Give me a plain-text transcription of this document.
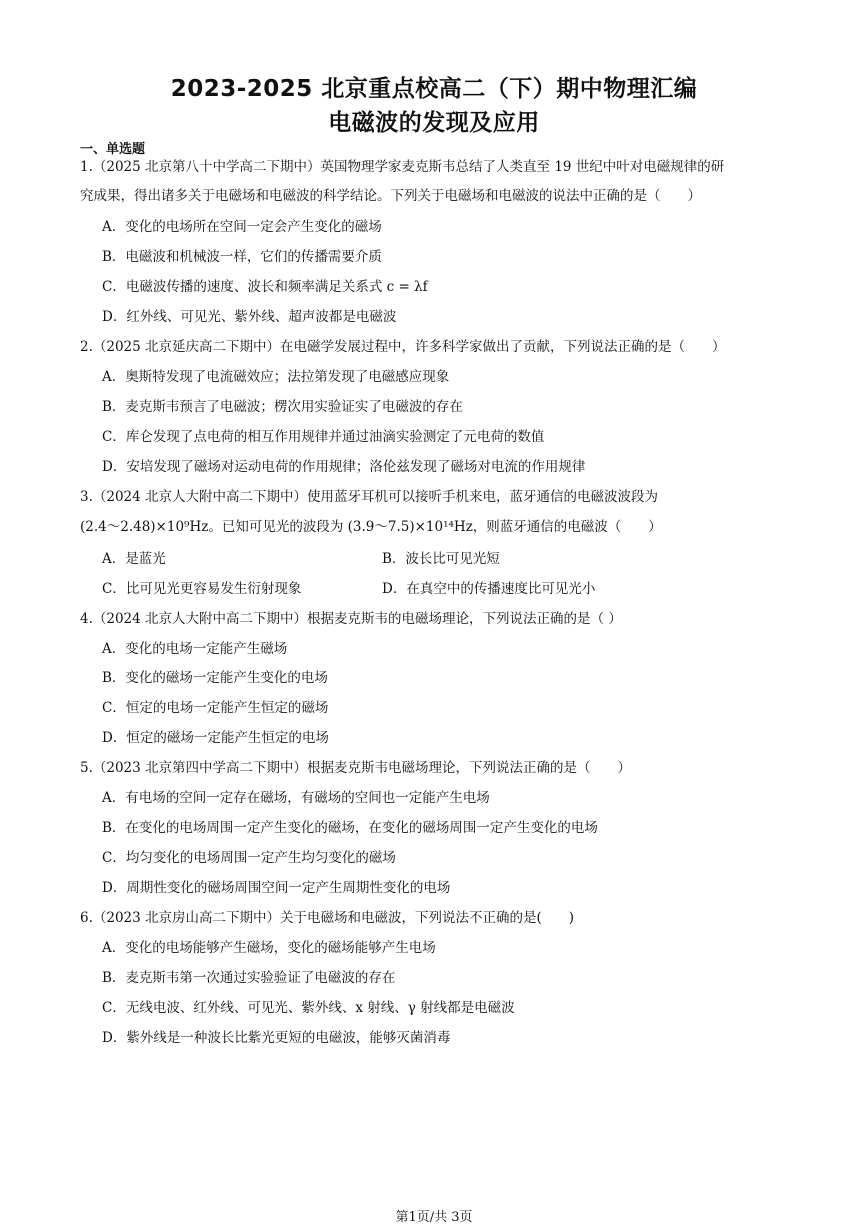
2023-2025 北京重点校高二（下）期中物理汇编
电磁波的发现及应用
一、单选题
1.（2025 北京第八十中学高二下期中）英国物理学家麦克斯韦总结了人类直至 19 世纪中叶对电磁规律的研
究成果，得出诸多关于电磁场和电磁波的科学结论。下列关于电磁场和电磁波的说法中正确的是（　　）
A．变化的电场所在空间一定会产生变化的磁场
B．电磁波和机械波一样，它们的传播需要介质
C．电磁波传播的速度、波长和频率满足关系式 c = λf
D．红外线、可见光、紫外线、超声波都是电磁波
2.（2025 北京延庆高二下期中）在电磁学发展过程中，许多科学家做出了贡献，下列说法正确的是（　　）
A．奥斯特发现了电流磁效应；法拉第发现了电磁感应现象
B．麦克斯韦预言了电磁波；楞次用实验证实了电磁波的存在
C．库仑发现了点电荷的相互作用规律并通过油滴实验测定了元电荷的数值
D．安培发现了磁场对运动电荷的作用规律；洛伦兹发现了磁场对电流的作用规律
3.（2024 北京人大附中高二下期中）使用蓝牙耳机可以接听手机来电，蓝牙通信的电磁波波段为
(2.4～2.48)×10⁹Hz。已知可见光的波段为 (3.9～7.5)×10¹⁴Hz，则蓝牙通信的电磁波（　　）
A．是蓝光	B．波长比可见光短
C．比可见光更容易发生衍射现象	D．在真空中的传播速度比可见光小
4.（2024 北京人大附中高二下期中）根据麦克斯韦的电磁场理论，下列说法正确的是（ ）
A．变化的电场一定能产生磁场
B．变化的磁场一定能产生变化的电场
C．恒定的电场一定能产生恒定的磁场
D．恒定的磁场一定能产生恒定的电场
5.（2023 北京第四中学高二下期中）根据麦克斯韦电磁场理论，下列说法正确的是（　　）
A．有电场的空间一定存在磁场，有磁场的空间也一定能产生电场
B．在变化的电场周围一定产生变化的磁场，在变化的磁场周围一定产生变化的电场
C．均匀变化的电场周围一定产生均匀变化的磁场
D．周期性变化的磁场周围空间一定产生周期性变化的电场
6.（2023 北京房山高二下期中）关于电磁场和电磁波，下列说法不正确的是(　　)
A．变化的电场能够产生磁场，变化的磁场能够产生电场
B．麦克斯韦第一次通过实验验证了电磁波的存在
C．无线电波、红外线、可见光、紫外线、x 射线、γ 射线都是电磁波
D．紫外线是一种波长比紫光更短的电磁波，能够灭菌消毒
第1页/共 3页
